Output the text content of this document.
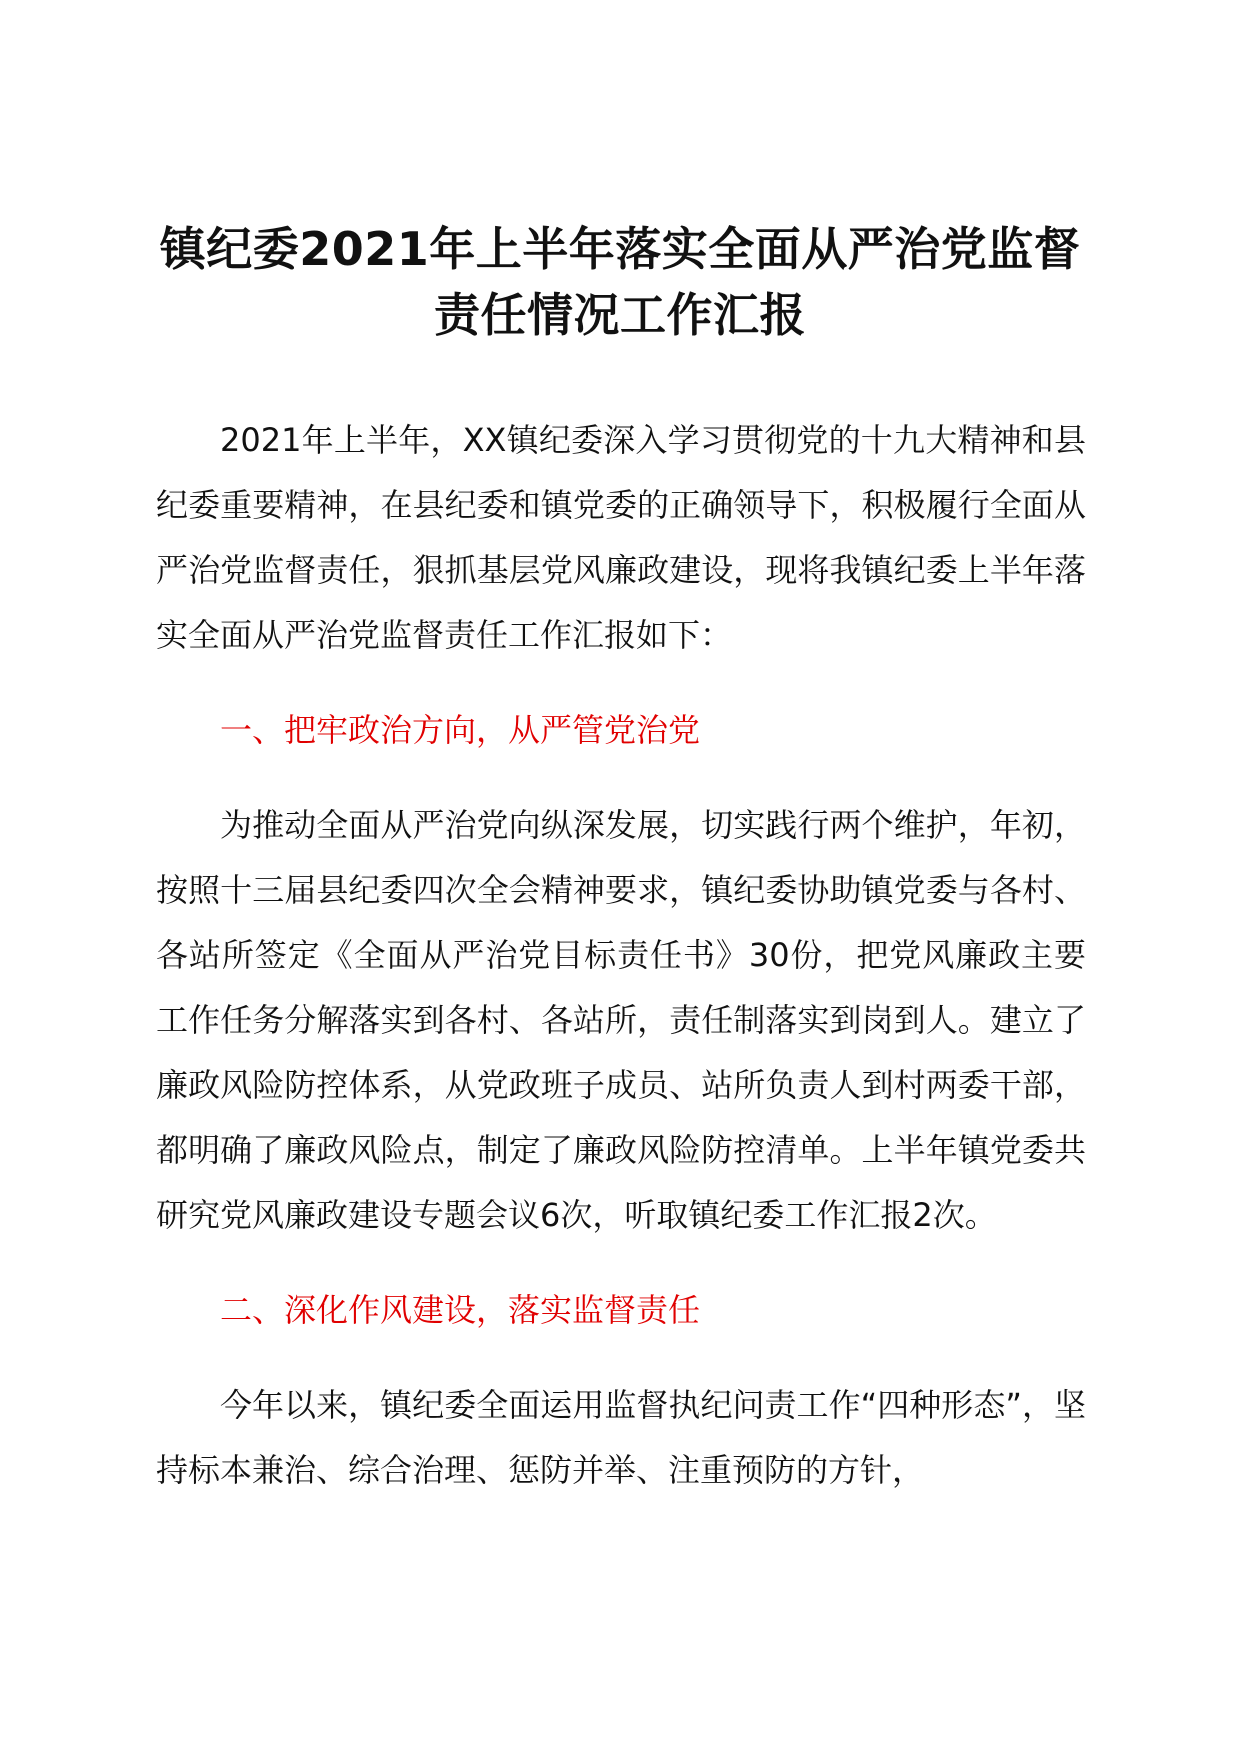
镇纪委2021年上半年落实全面从严治党监督
责任情况工作汇报

2021年上半年，XX镇纪委深入学习贯彻党的十九大精神和县纪委重要精神，在县纪委和镇党委的正确领导下，积极履行全面从严治党监督责任，狠抓基层党风廉政建设，现将我镇纪委上半年落实全面从严治党监督责任工作汇报如下：

一、把牢政治方向，从严管党治党

为推动全面从严治党向纵深发展，切实践行两个维护，年初，按照十三届县纪委四次全会精神要求，镇纪委协助镇党委与各村、各站所签定《全面从严治党目标责任书》30份，把党风廉政主要工作任务分解落实到各村、各站所，责任制落实到岗到人。建立了廉政风险防控体系，从党政班子成员、站所负责人到村两委干部，都明确了廉政风险点，制定了廉政风险防控清单。上半年镇党委共研究党风廉政建设专题会议6次，听取镇纪委工作汇报2次。

二、深化作风建设，落实监督责任

今年以来，镇纪委全面运用监督执纪问责工作“四种形态”，坚持标本兼治、综合治理、惩防并举、注重预防的方针，
